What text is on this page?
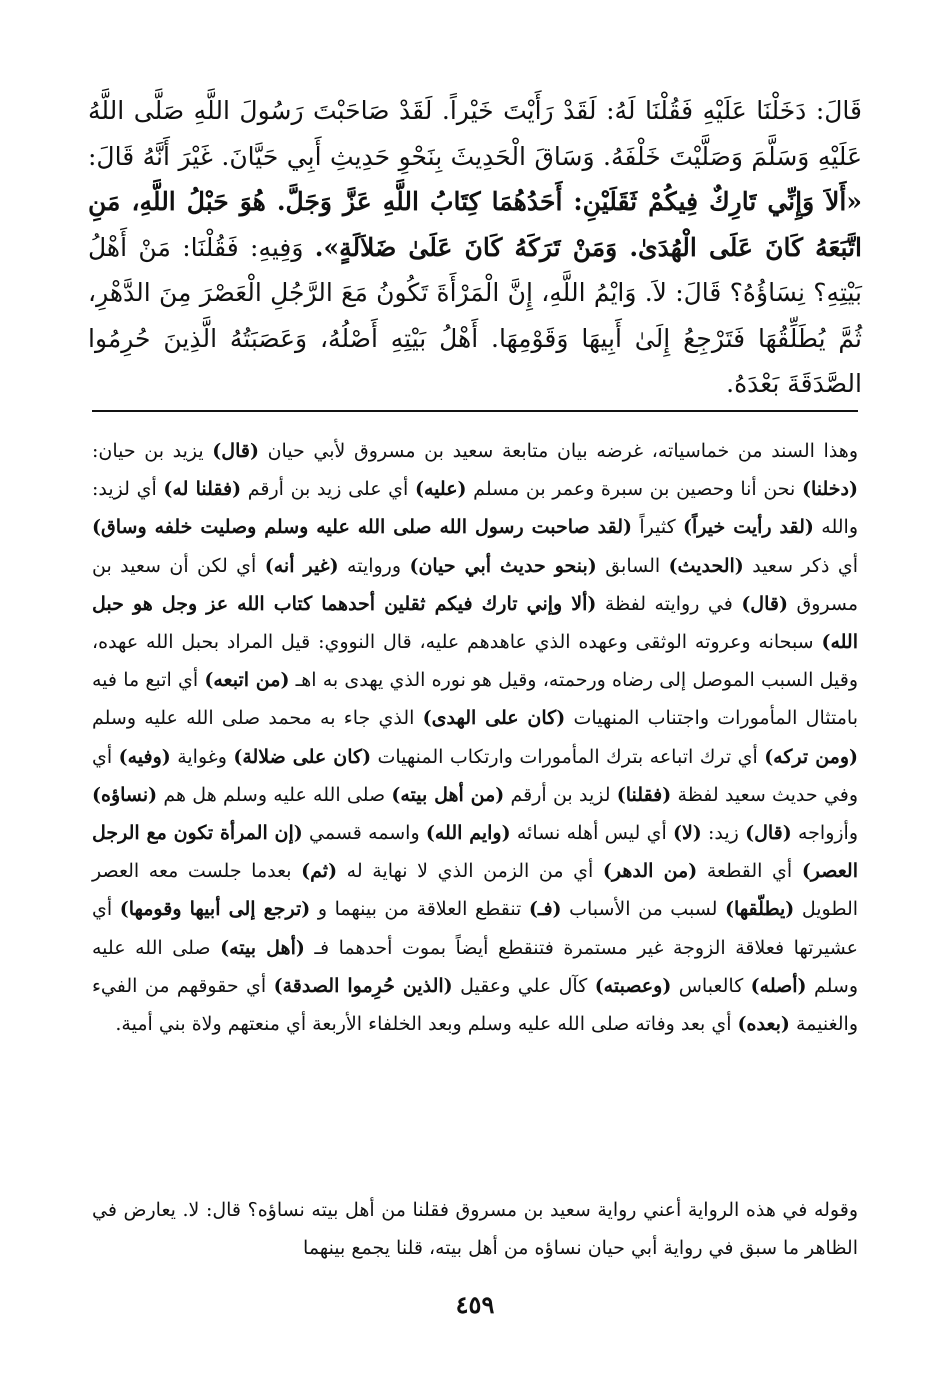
قَالَ: دَخَلْنَا عَلَيْهِ فَقُلْنَا لَهُ: لَقَدْ رَأَيْتَ خَيْراً. لَقَدْ صَاحَبْتَ رَسُولَ اللَّهِ صَلَّى اللَّهُ عَلَيْهِ وَسَلَّمَ وَصَلَّيْتَ خَلْفَهُ. وَسَاقَ الْحَدِيثَ بِنَحْوِ حَدِيثِ أَبِي حَيَّانَ. غَيْرَ أَنَّهُ قَالَ: «أَلاَ وَإِنِّي تَارِكٌ فِيكُمْ ثَقَلَيْنِ: أَحَدُهُمَا كِتَابُ اللَّهِ عَزَّ وَجَلَّ. هُوَ حَبْلُ اللَّهِ، مَنِ اتَّبَعَهُ كَانَ عَلَى الْهُدَىٰ. وَمَنْ تَرَكَهُ كَانَ عَلَىٰ ضَلاَلَةٍ». وَفِيهِ: فَقُلْنَا: مَنْ أَهْلُ بَيْتِهِ؟ نِسَاؤُهُ؟ قَالَ: لاَ. وَايْمُ اللَّهِ، إِنَّ الْمَرْأَةَ تَكُونُ مَعَ الرَّجُلِ الْعَصْرَ مِنَ الدَّهْرِ، ثُمَّ يُطَلِّقُهَا فَتَرْجِعُ إِلَىٰ أَبِيهَا وَقَوْمِهَا. أَهْلُ بَيْتِهِ أَصْلُهُ، وَعَصَبَتُهُ الَّذِينَ حُرِمُوا الصَّدَقَةَ بَعْدَهُ.

وهذا السند من خماسياته، غرضه بيان متابعة سعيد بن مسروق لأبي حيان (قال) يزيد بن حيان: (دخلنا) نحن أنا وحصين بن سبرة وعمر بن مسلم (عليه) أي على زيد بن أرقم (فقلنا له) أي لزيد: والله (لقد رأيت خيراً) كثيراً (لقد صاحبت رسول الله صلى الله عليه وسلم وصليت خلفه وساق) أي ذكر سعيد (الحديث) السابق (بنحو حديث أبي حيان) وروايته (غير أنه) أي لكن أن سعيد بن مسروق (قال) في روايته لفظة (ألا وإني تارك فيكم ثقلين أحدهما كتاب الله عز وجل هو حبل الله) سبحانه وعروته الوثقى وعهده الذي عاهدهم عليه، قال النووي: قيل المراد بحبل الله عهده، وقيل السبب الموصل إلى رضاه ورحمته، وقيل هو نوره الذي يهدى به اهـ (من اتبعه) أي اتبع ما فيه بامتثال المأمورات واجتناب المنهيات (كان على الهدى) الذي جاء به محمد صلى الله عليه وسلم (ومن تركه) أي ترك اتباعه بترك المأمورات وارتكاب المنهيات (كان على ضلالة) وغواية (وفيه) أي وفي حديث سعيد لفظة (فقلنا) لزيد بن أرقم (من أهل بيته) صلى الله عليه وسلم هل هم (نساؤه) وأزواجه (قال) زيد: (لا) أي ليس أهله نسائه (وايم الله) واسمه قسمي (إن المرأة تكون مع الرجل العصر) أي القطعة (من الدهر) أي من الزمن الذي لا نهاية له (ثم) بعدما جلست معه العصر الطويل (يطلّقها) لسبب من الأسباب (فـ) تنقطع العلاقة من بينهما و (ترجع إلى أبيها وقومها) أي عشيرتها فعلاقة الزوجة غير مستمرة فتنقطع أيضاً بموت أحدهما فـ (أهل بيته) صلى الله عليه وسلم (أصله) كالعباس (وعصبته) كآل علي وعقيل (الذين حُرِموا الصدقة) أي حقوقهم من الفيء والغنيمة (بعده) أي بعد وفاته صلى الله عليه وسلم وبعد الخلفاء الأربعة أي منعتهم ولاة بني أمية.

وقوله في هذه الرواية أعني رواية سعيد بن مسروق فقلنا من أهل بيته نساؤه؟ قال: لا. يعارض في الظاهر ما سبق في رواية أبي حيان نساؤه من أهل بيته، قلنا يجمع بينهما

٤٥٩
